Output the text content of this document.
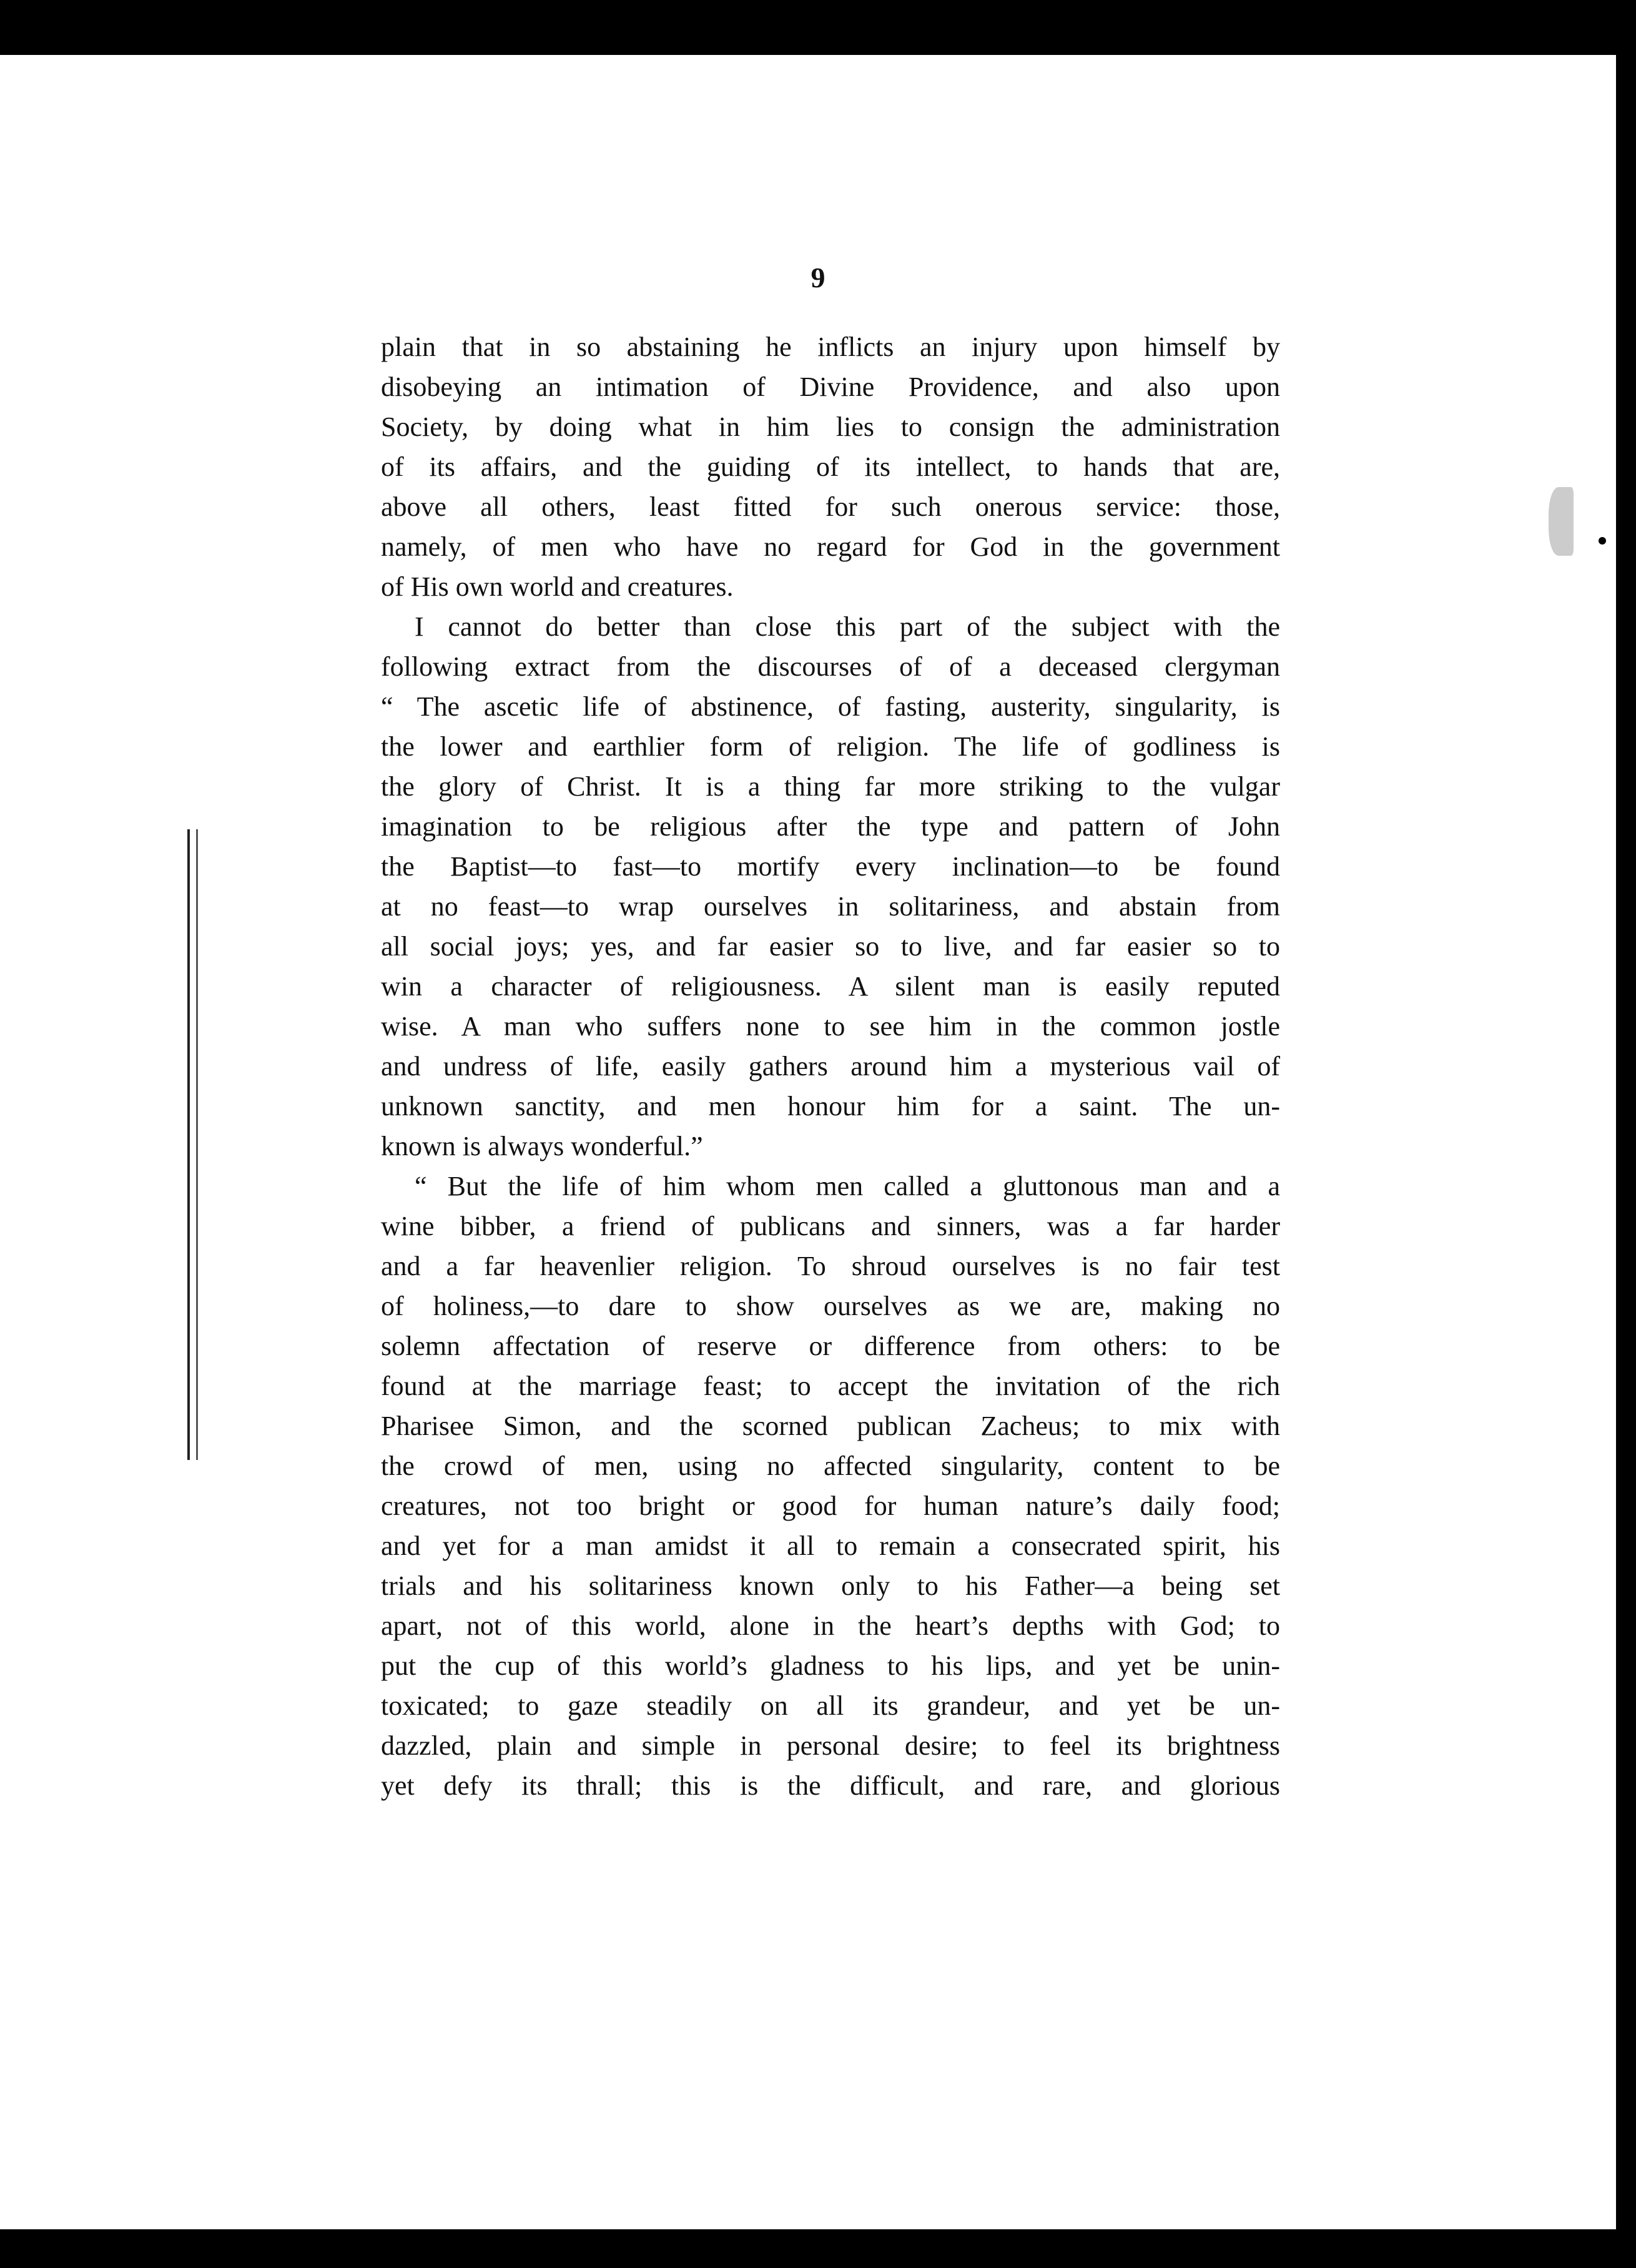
9
plain that in so abstaining he inflicts an injury upon himself by
disobeying an intimation of Divine Providence, and also upon
Society, by doing what in him lies to consign the administration
of its affairs, and the guiding of its intellect, to hands that are,
above all others, least fitted for such onerous service: those,
namely, of men who have no regard for God in the government
of His own world and creatures.
I cannot do better than close this part of the subject with the
following extract from the discourses of of a deceased clergyman
“ The ascetic life of abstinence, of fasting, austerity, singularity, is
the lower and earthlier form of religion. The life of godliness is
the glory of Christ. It is a thing far more striking to the vulgar
imagination to be religious after the type and pattern of John
the Baptist—to fast—to mortify every inclination—to be found
at no feast—to wrap ourselves in solitariness, and abstain from
all social joys; yes, and far easier so to live, and far easier so to
win a character of religiousness. A silent man is easily reputed
wise. A man who suffers none to see him in the common jostle
and undress of life, easily gathers around him a mysterious vail of
unknown sanctity, and men honour him for a saint. The un-
known is always wonderful.”
“ But the life of him whom men called a gluttonous man and a
wine bibber, a friend of publicans and sinners, was a far harder
and a far heavenlier religion. To shroud ourselves is no fair test
of holiness,—to dare to show ourselves as we are, making no
solemn affectation of reserve or difference from others: to be
found at the marriage feast; to accept the invitation of the rich
Pharisee Simon, and the scorned publican Zacheus; to mix with
the crowd of men, using no affected singularity, content to be
creatures, not too bright or good for human nature’s daily food;
and yet for a man amidst it all to remain a consecrated spirit, his
trials and his solitariness known only to his Father—a being set
apart, not of this world, alone in the heart’s depths with God; to
put the cup of this world’s gladness to his lips, and yet be unin-
toxicated; to gaze steadily on all its grandeur, and yet be un-
dazzled, plain and simple in personal desire; to feel its brightness
yet defy its thrall; this is the difficult, and rare, and glorious
